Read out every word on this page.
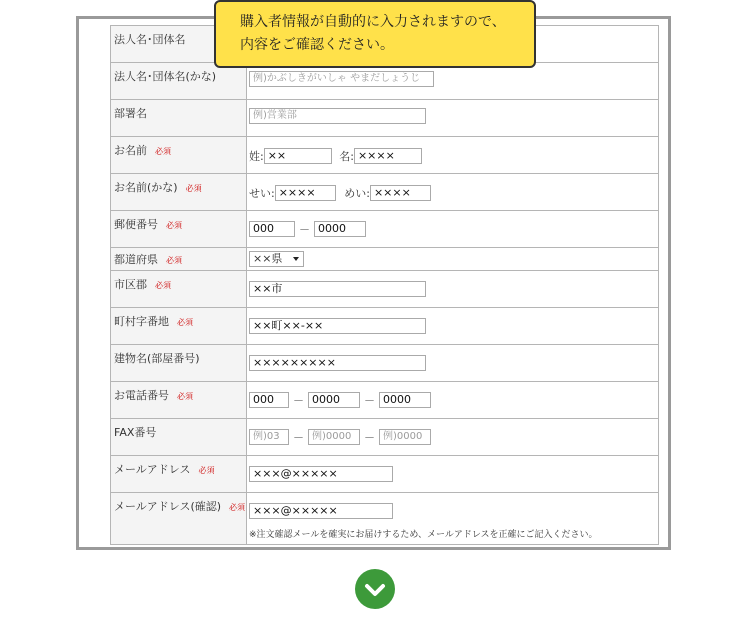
法人名･団体名	
法人名･団体名(かな)	例)かぶしきがいしゃ やまだしょうじ
部署名	例)営業部
お名前 必須	姓: ×× 名: ××××
お名前(かな) 必須	せい: ×××× めい: ××××
郵便番号 必須	000 － 0000
都道府県 必須	××県

市区郡 必須	××市
町村字番地 必須	××町××-××
建物名(部屋番号)	×××××××××
お電話番号 必須	000 － 0000 － 0000
FAX番号	例)03 － 例)0000 － 例)0000
メールアドレス 必須	×××@×××××
メールアドレス(確認) 必須	×××@×××××
※注文確認メールを確実にお届けするため、メールアドレスを正確にご記入ください。
購入者情報が自動的に入力されますので、
内容をご確認ください。
